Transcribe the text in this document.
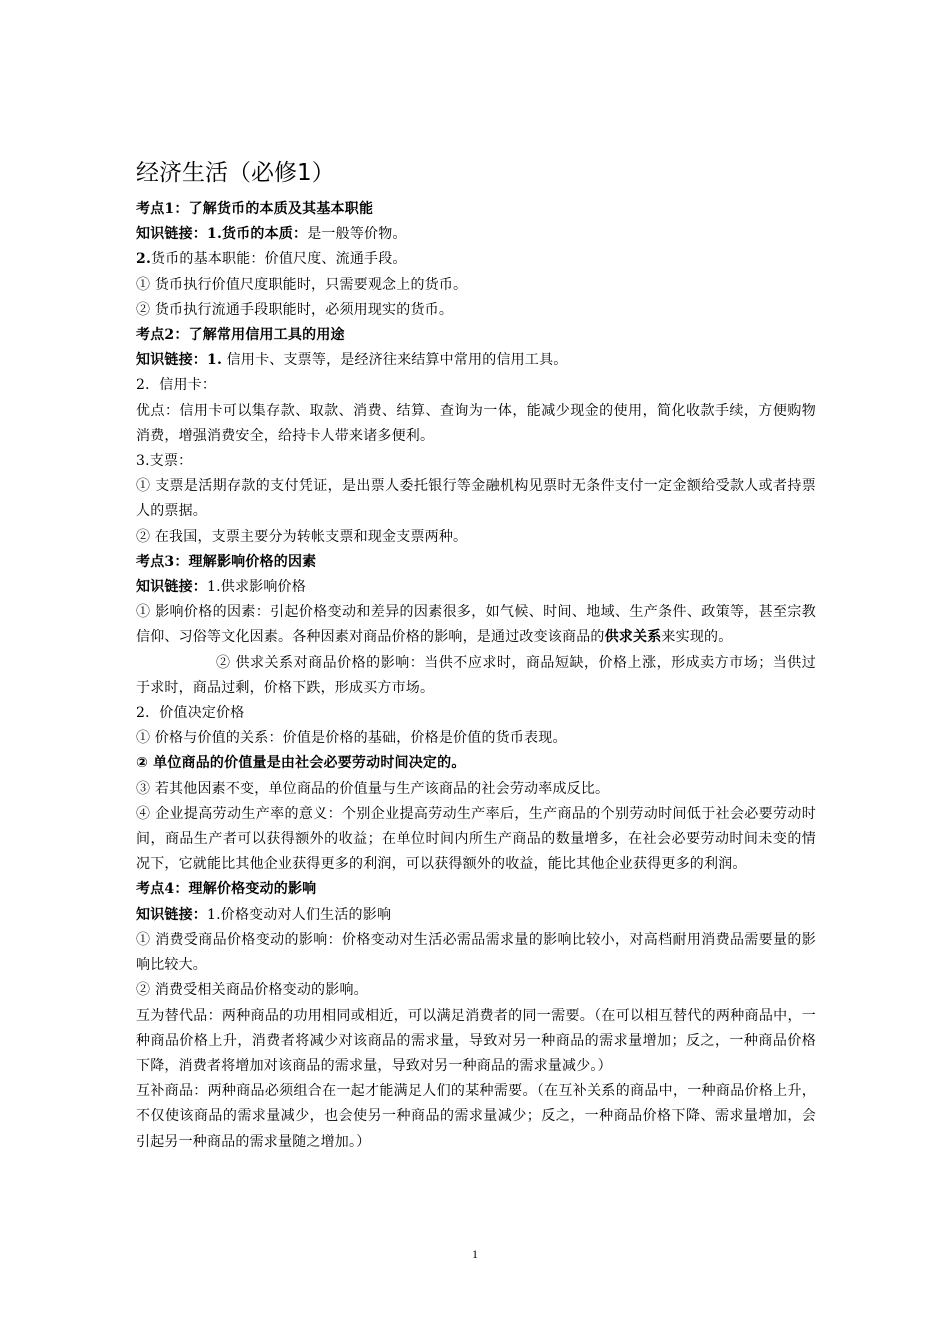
经济生活（必修1）

考点1：了解货币的本质及其基本职能

知识链接：1.货币的本质：是一般等价物。

2.货币的基本职能：价值尺度、流通手段。

① 货币执行价值尺度职能时，只需要观念上的货币。

② 货币执行流通手段职能时，必须用现实的货币。

考点2：了解常用信用工具的用途

知识链接：1. 信用卡、支票等，是经济往来结算中常用的信用工具。

2．信用卡：

优点：信用卡可以集存款、取款、消费、结算、查询为一体，能减少现金的使用，简化收款手续，方便购物消费，增强消费安全，给持卡人带来诸多便利。

3.支票：

① 支票是活期存款的支付凭证，是出票人委托银行等金融机构见票时无条件支付一定金额给受款人或者持票人的票据。

② 在我国，支票主要分为转帐支票和现金支票两种。

考点3：理解影响价格的因素

知识链接：1.供求影响价格

① 影响价格的因素：引起价格变动和差异的因素很多，如气候、时间、地域、生产条件、政策等，甚至宗教信仰、习俗等文化因素。各种因素对商品价格的影响，是通过改变该商品的供求关系来实现的。

② 供求关系对商品价格的影响：当供不应求时，商品短缺，价格上涨，形成卖方市场；当供过于求时，商品过剩，价格下跌，形成买方市场。

2．价值决定价格

① 价格与价值的关系：价值是价格的基础，价格是价值的货币表现。

② 单位商品的价值量是由社会必要劳动时间决定的。

③ 若其他因素不变，单位商品的价值量与生产该商品的社会劳动率成反比。

④ 企业提高劳动生产率的意义：个别企业提高劳动生产率后，生产商品的个别劳动时间低于社会必要劳动时间，商品生产者可以获得额外的收益；在单位时间内所生产商品的数量增多，在社会必要劳动时间未变的情况下，它就能比其他企业获得更多的利润，可以获得额外的收益，能比其他企业获得更多的利润。

考点4：理解价格变动的影响

知识链接：1.价格变动对人们生活的影响

① 消费受商品价格变动的影响：价格变动对生活必需品需求量的影响比较小，对高档耐用消费品需要量的影响比较大。

② 消费受相关商品价格变动的影响。

互为替代品：两种商品的功用相同或相近，可以满足消费者的同一需要。（在可以相互替代的两种商品中，一种商品价格上升，消费者将减少对该商品的需求量，导致对另一种商品的需求量增加；反之，一种商品价格下降，消费者将增加对该商品的需求量，导致对另一种商品的需求量减少。）

互补商品：两种商品必须组合在一起才能满足人们的某种需要。（在互补关系的商品中，一种商品价格上升，不仅使该商品的需求量减少，也会使另一种商品的需求量减少；反之，一种商品价格下降、需求量增加，会引起另一种商品的需求量随之增加。）

1
